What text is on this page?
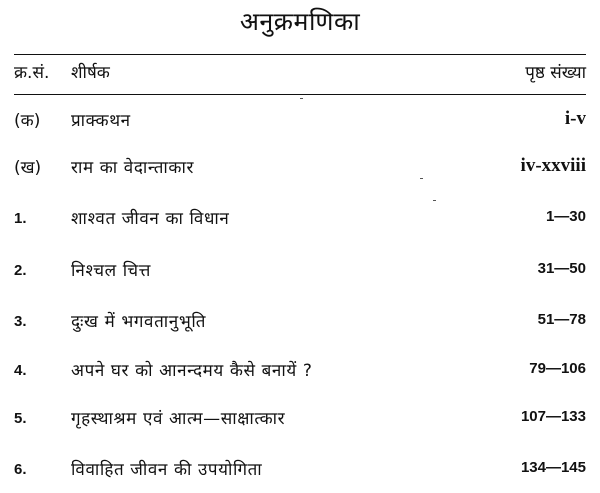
अनुक्रमणिका
क्र.सं. शीर्षक	पृष्ठ संख्या
(क) प्राक्कथन	i-v
(ख) राम का वेदान्ताकार	iv-xxviii
1.	शाश्वत जीवन का विधान	1—30
2.	निश्चल चित्त	31—50
3.	दुःख में भगवतानुभूति	51—78
4.	अपने घर को आनन्दमय कैसे बनायें ?	79—106
5.	गृहस्थाश्रम एवं आत्म—साक्षात्कार	107—133
6.	विवाहित जीवन की उपयोगिता	134—145
